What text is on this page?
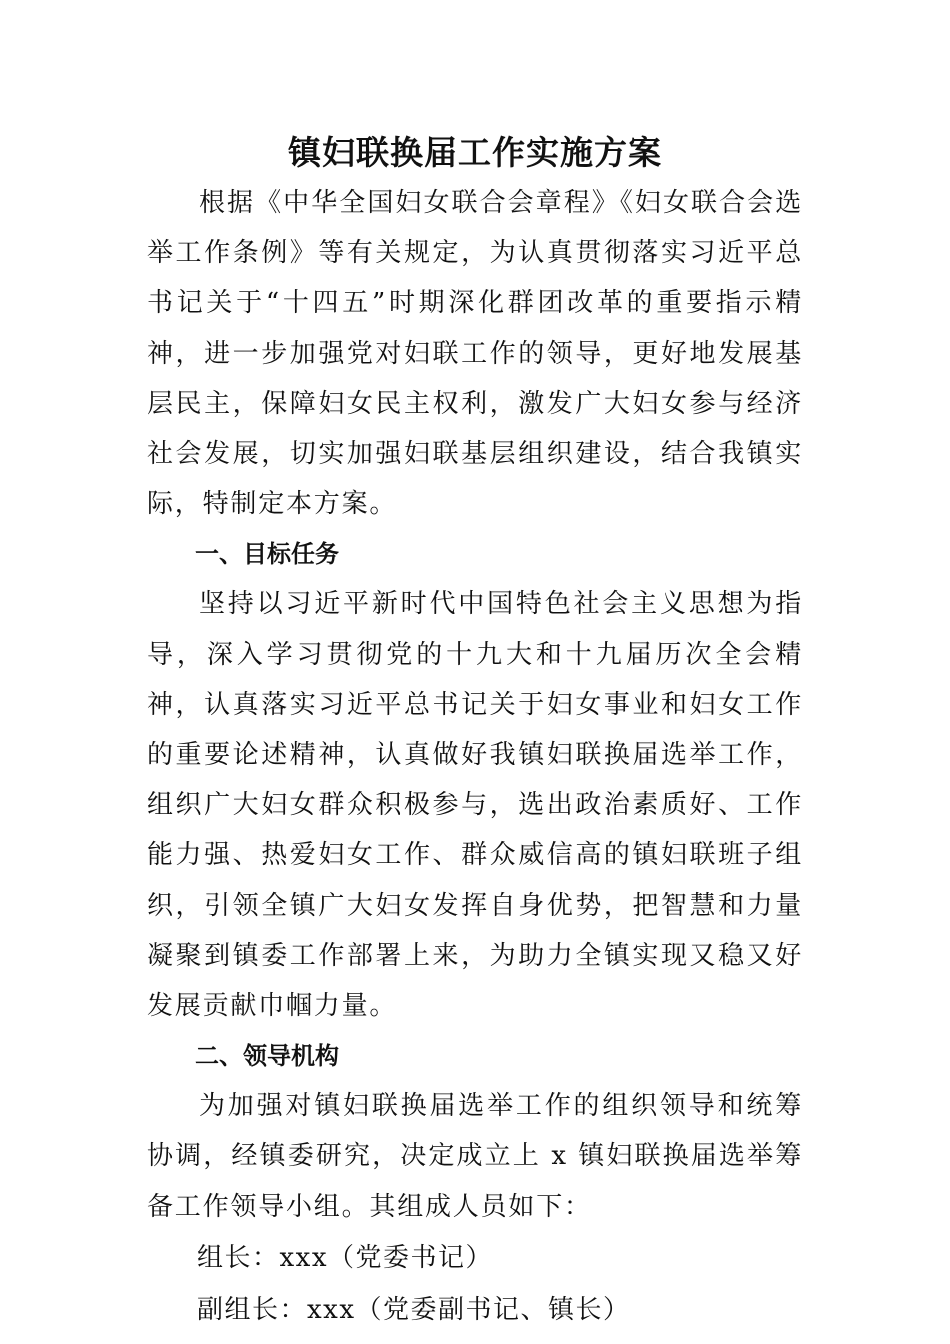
镇妇联换届工作实施方案

根据《中华全国妇女联合会章程》《妇女联合会选举工作条例》等有关规定，为认真贯彻落实习近平总书记关于“十四五”时期深化群团改革的重要指示精神，进一步加强党对妇联工作的领导，更好地发展基层民主，保障妇女民主权利，激发广大妇女参与经济社会发展，切实加强妇联基层组织建设，结合我镇实际，特制定本方案。

一、目标任务

坚持以习近平新时代中国特色社会主义思想为指导，深入学习贯彻党的十九大和十九届历次全会精神，认真落实习近平总书记关于妇女事业和妇女工作的重要论述精神，认真做好我镇妇联换届选举工作，组织广大妇女群众积极参与，选出政治素质好、工作能力强、热爱妇女工作、群众威信高的镇妇联班子组织，引领全镇广大妇女发挥自身优势，把智慧和力量凝聚到镇委工作部署上来，为助力全镇实现又稳又好发展贡献巾帼力量。

二、领导机构

为加强对镇妇联换届选举工作的组织领导和统筹协调，经镇委研究，决定成立上 x 镇妇联换届选举筹备工作领导小组。其组成人员如下：

组长：xxx（党委书记）

副组长：xxx（党委副书记、镇长）
